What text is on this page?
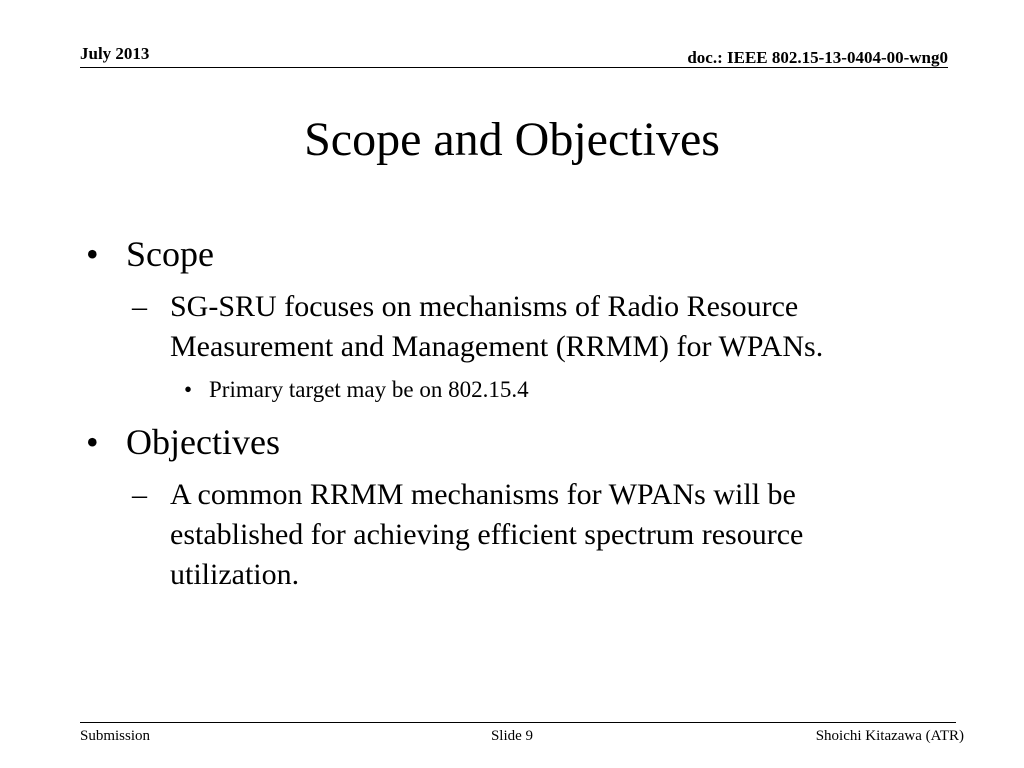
July 2013	doc.: IEEE 802.15-13-0404-00-wng0
Scope and Objectives
• Scope
– SG-SRU focuses on mechanisms of Radio Resource Measurement and Management (RRMM) for WPANs.
• Primary target may be on 802.15.4
• Objectives
– A common RRMM mechanisms for WPANs will be established for achieving efficient spectrum resource utilization.
Submission	Slide 9	Shoichi Kitazawa (ATR)
